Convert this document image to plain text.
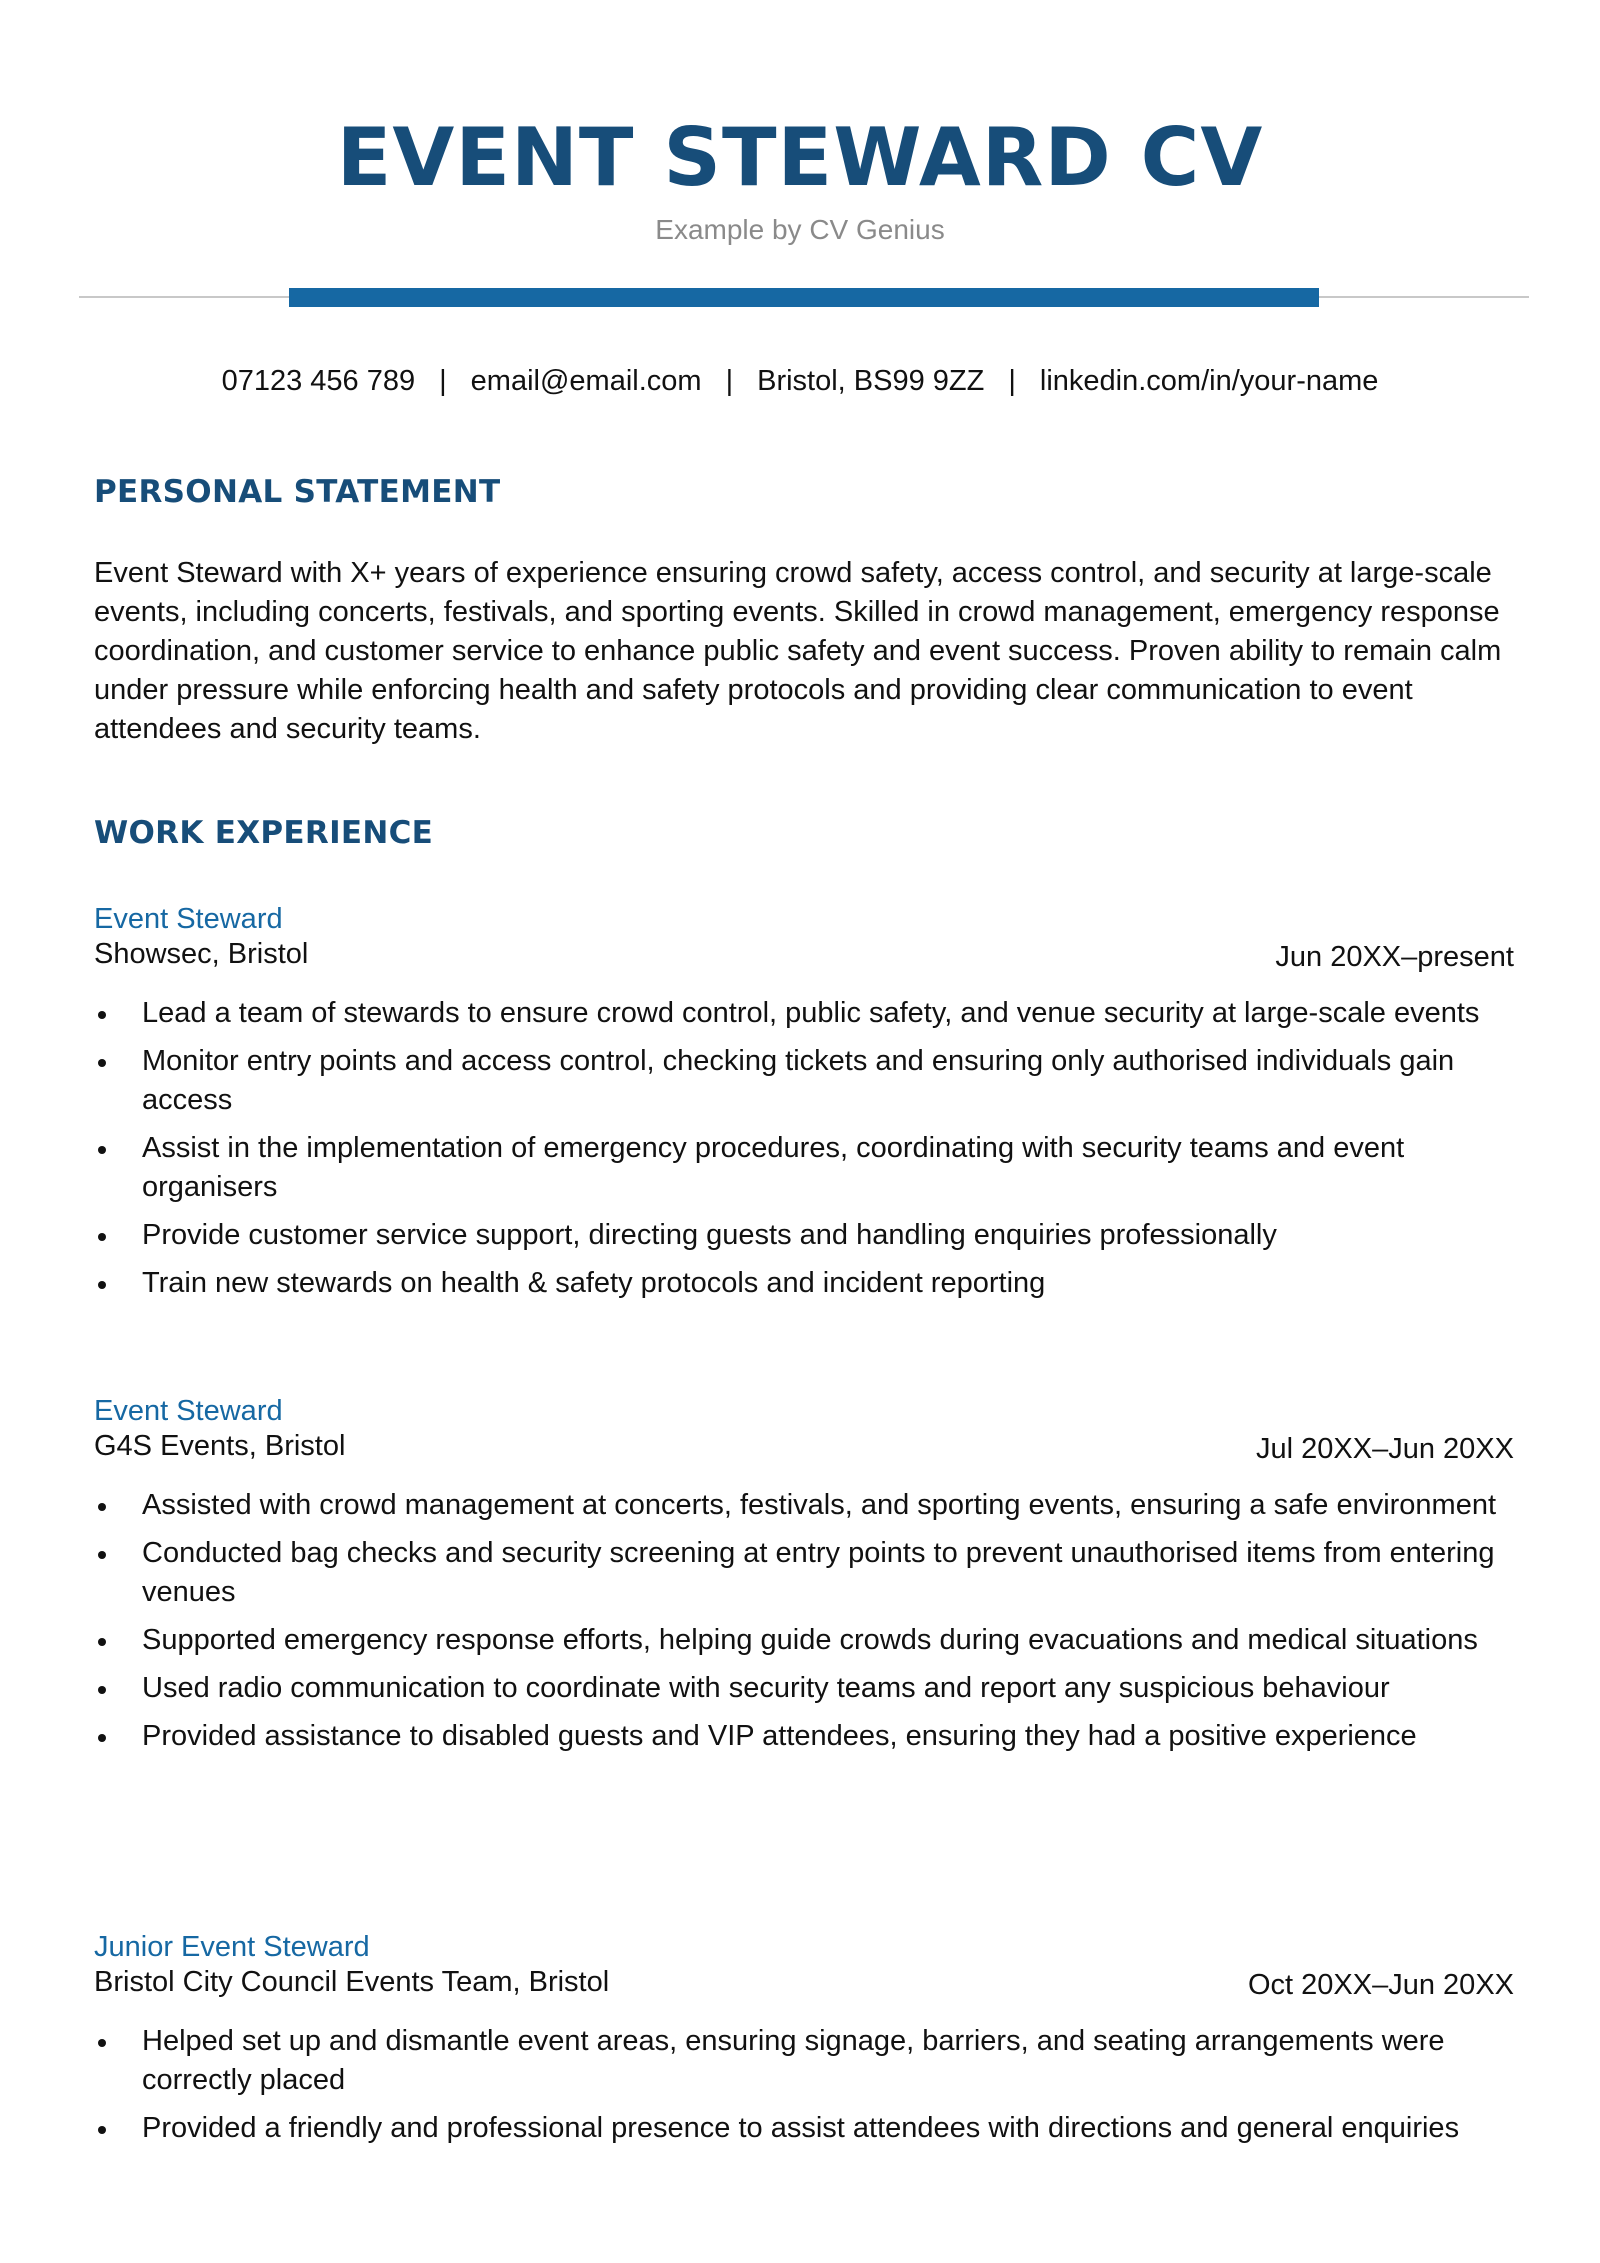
EVENT STEWARD CV
Example by CV Genius
07123 456 789 | email@email.com | Bristol, BS99 9ZZ | linkedin.com/in/your-name
PERSONAL STATEMENT
Event Steward with X+ years of experience ensuring crowd safety, access control, and security at large-scale events, including concerts, festivals, and sporting events. Skilled in crowd management, emergency response coordination, and customer service to enhance public safety and event success. Proven ability to remain calm under pressure while enforcing health and safety protocols and providing clear communication to event attendees and security teams.
WORK EXPERIENCE
Event Steward
Showsec, Bristol	Jun 20XX–present
Lead a team of stewards to ensure crowd control, public safety, and venue security at large-scale events
Monitor entry points and access control, checking tickets and ensuring only authorised individuals gain access
Assist in the implementation of emergency procedures, coordinating with security teams and event organisers
Provide customer service support, directing guests and handling enquiries professionally
Train new stewards on health & safety protocols and incident reporting
Event Steward
G4S Events, Bristol	Jul 20XX–Jun 20XX
Assisted with crowd management at concerts, festivals, and sporting events, ensuring a safe environment
Conducted bag checks and security screening at entry points to prevent unauthorised items from entering venues
Supported emergency response efforts, helping guide crowds during evacuations and medical situations
Used radio communication to coordinate with security teams and report any suspicious behaviour
Provided assistance to disabled guests and VIP attendees, ensuring they had a positive experience
Junior Event Steward
Bristol City Council Events Team, Bristol	Oct 20XX–Jun 20XX
Helped set up and dismantle event areas, ensuring signage, barriers, and seating arrangements were correctly placed
Provided a friendly and professional presence to assist attendees with directions and general enquiries
